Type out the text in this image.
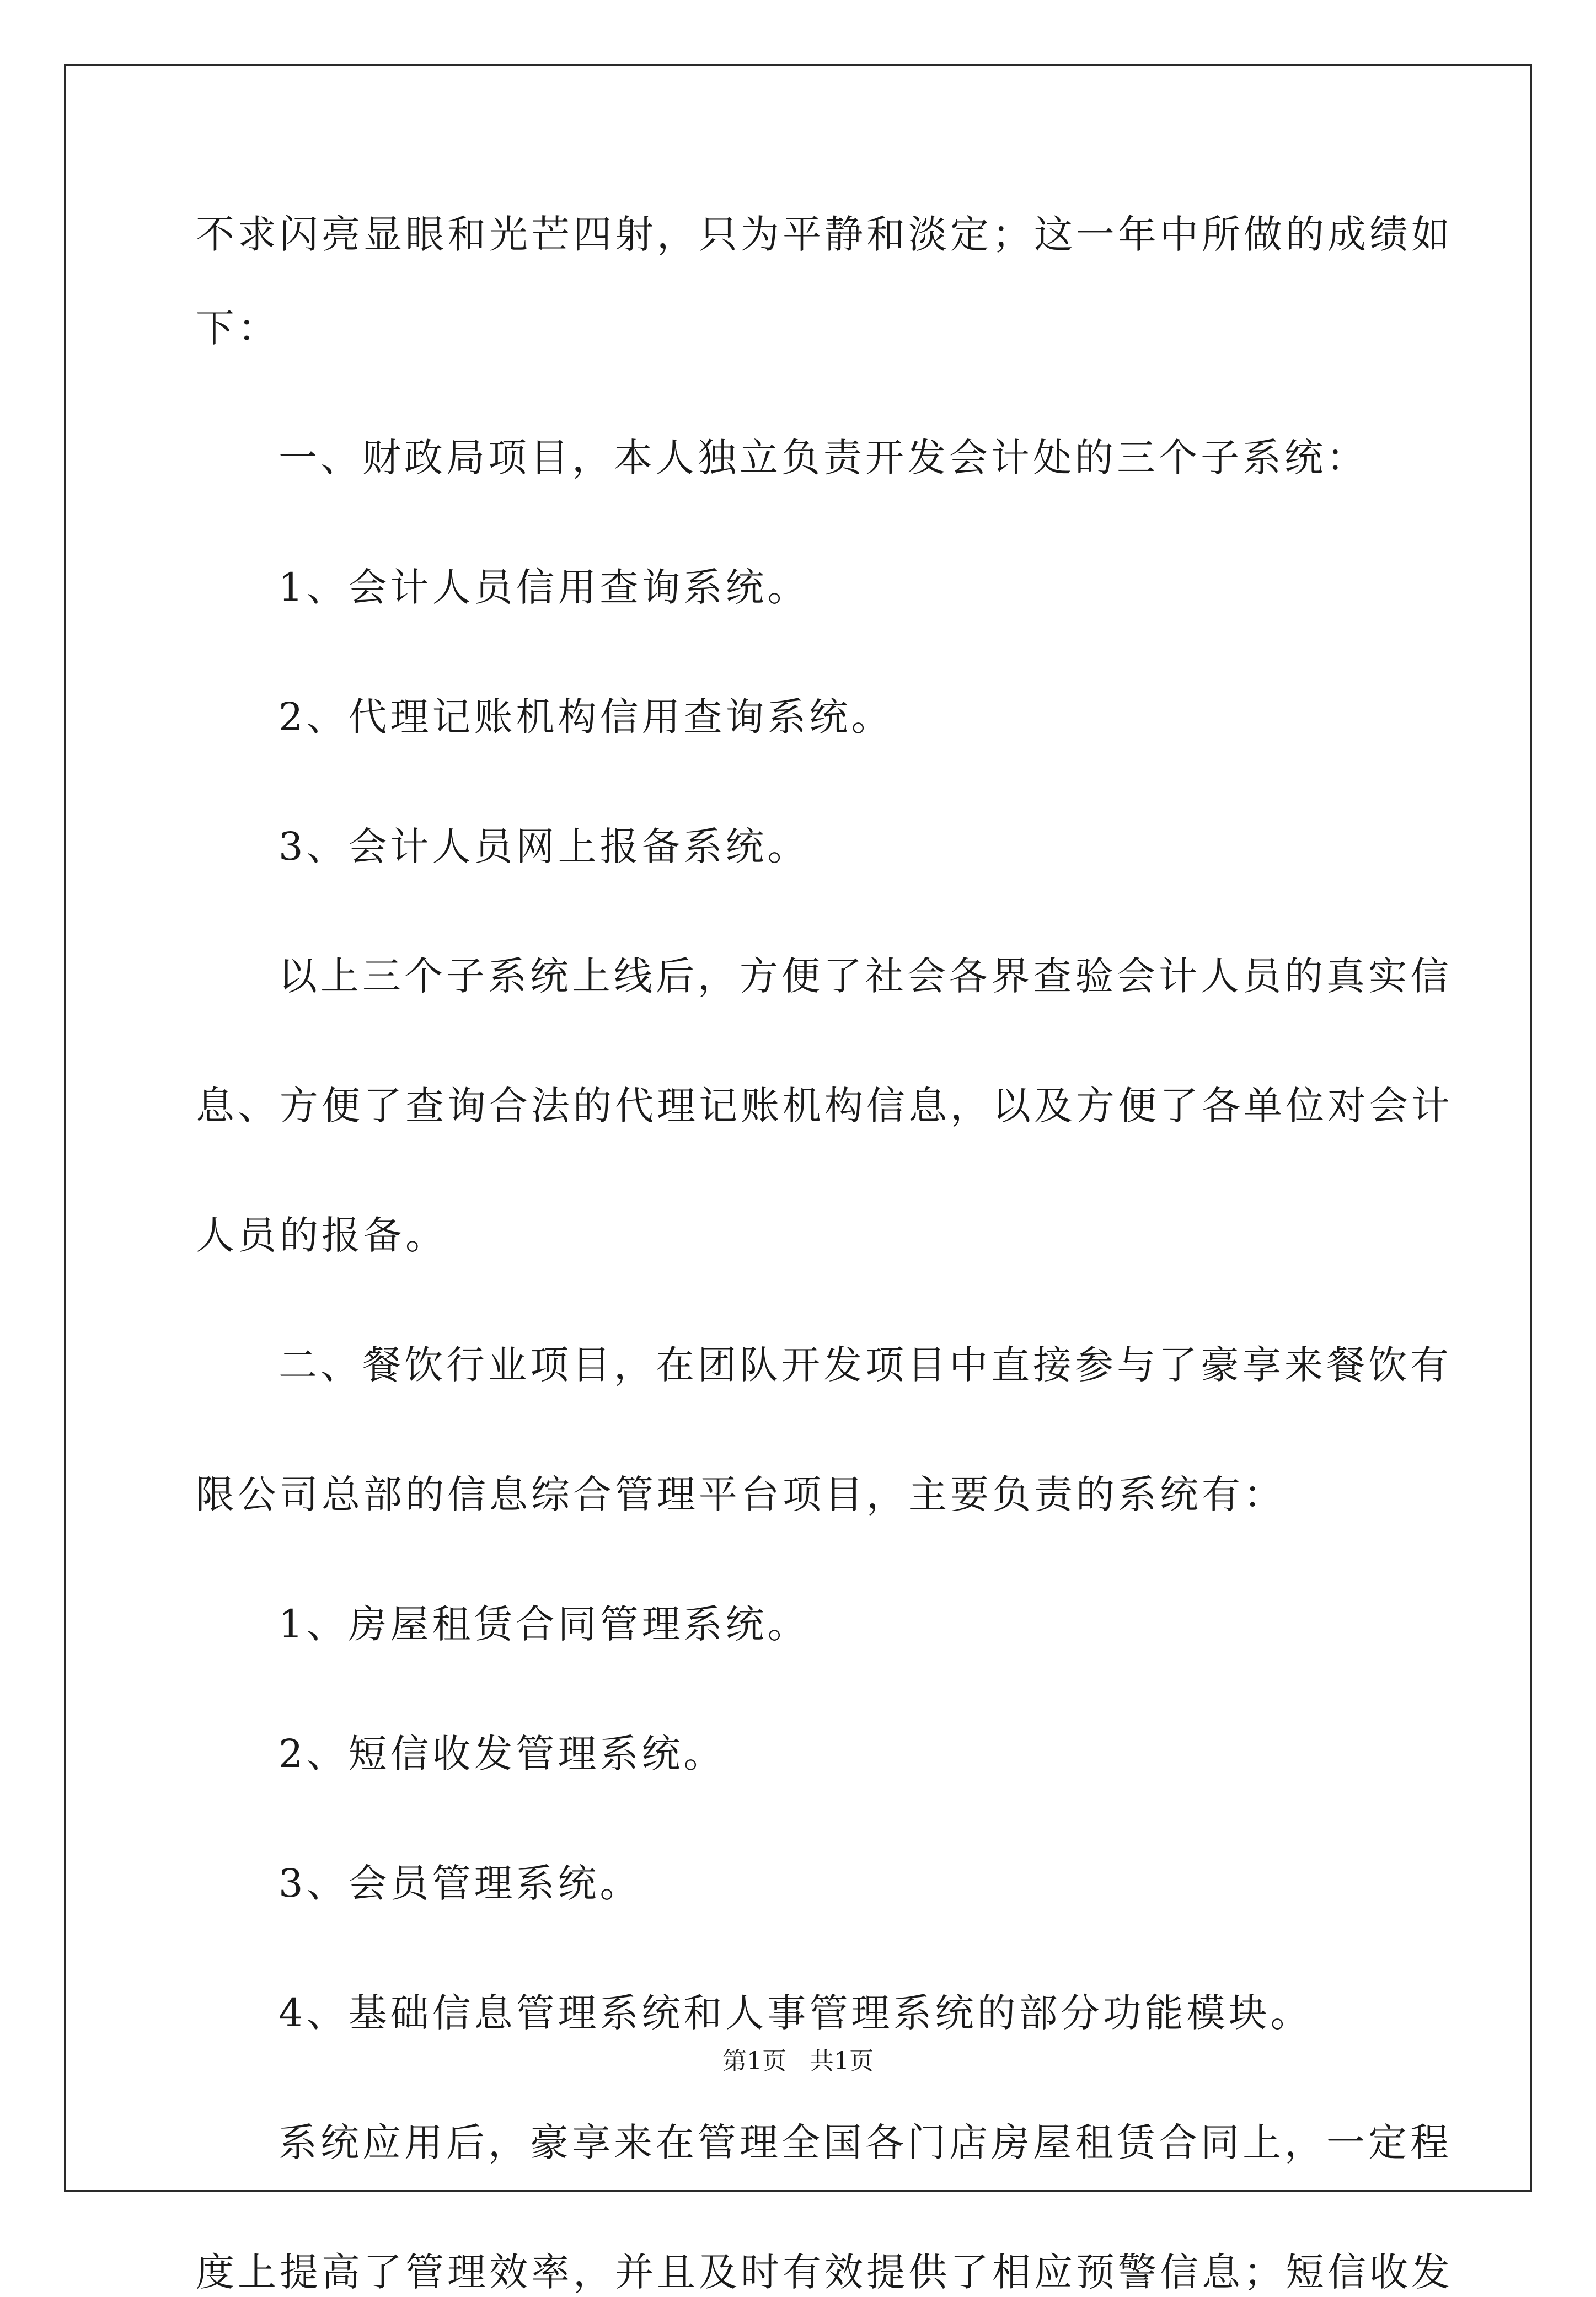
不求闪亮显眼和光芒四射，只为平静和淡定；这一年中所做的成绩如
下：
一、财政局项目，本人独立负责开发会计处的三个子系统：
1、会计人员信用查询系统。
2、代理记账机构信用查询系统。
3、会计人员网上报备系统。
以上三个子系统上线后，方便了社会各界查验会计人员的真实信
息、方便了查询合法的代理记账机构信息，以及方便了各单位对会计
人员的报备。
二、餐饮行业项目，在团队开发项目中直接参与了豪享来餐饮有
限公司总部的信息综合管理平台项目，主要负责的系统有：
1、房屋租赁合同管理系统。
2、短信收发管理系统。
3、会员管理系统。
4、基础信息管理系统和人事管理系统的部分功能模块。
系统应用后，豪享来在管理全国各门店房屋租赁合同上，一定程
度上提高了管理效率，并且及时有效提供了相应预警信息；短信收发
第1页 共1页
